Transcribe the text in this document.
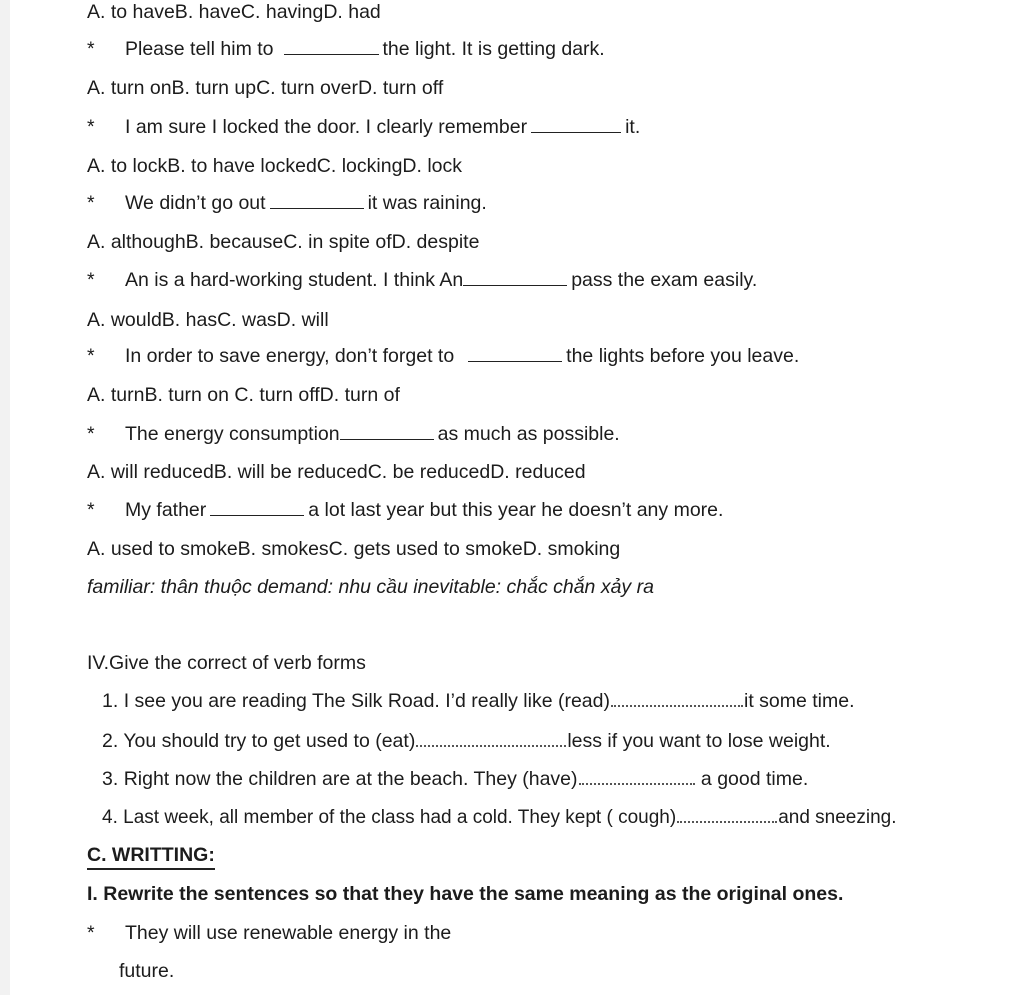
A. to haveB. haveC. havingD. had
* Please tell him to	the light. It is getting dark.
A. turn onB. turn upC. turn overD. turn off
* I am sure I locked the door. I clearly remember	it.
A. to lockB. to have lockedC. lockingD. lock
* We didn’t go out	it was raining.
A. althoughB. becauseC. in spite ofD. despite
* An is a hard-working student. I think An	pass the exam easily.
A. wouldB. hasC. wasD. will
* In order to save energy, don’t forget to	the lights before you leave.
A. turnB. turn on C. turn offD. turn of
* The energy consumption	as much as possible.
A. will reducedB. will be reducedC. be reducedD. reduced
* My father	a lot last year but this year he doesn’t any more.
A. used to smokeB. smokesC. gets used to smokeD. smoking
familiar: thân thuộc demand: nhu cầu inevitable: chắc chắn xảy ra
IV.Give the correct of verb forms
1. I see you are reading The Silk Road. I’d really like (read)	it some time.
2. You should try to get used to (eat)	less if you want to lose weight.
3. Right now the children are at the beach. They (have)	a good time.
4. Last week, all member of the class had a cold. They kept ( cough)	and sneezing.
C. WRITTING:
I. Rewrite the sentences so that they have the same meaning as the original ones.
* They will use renewable energy in the
future.
